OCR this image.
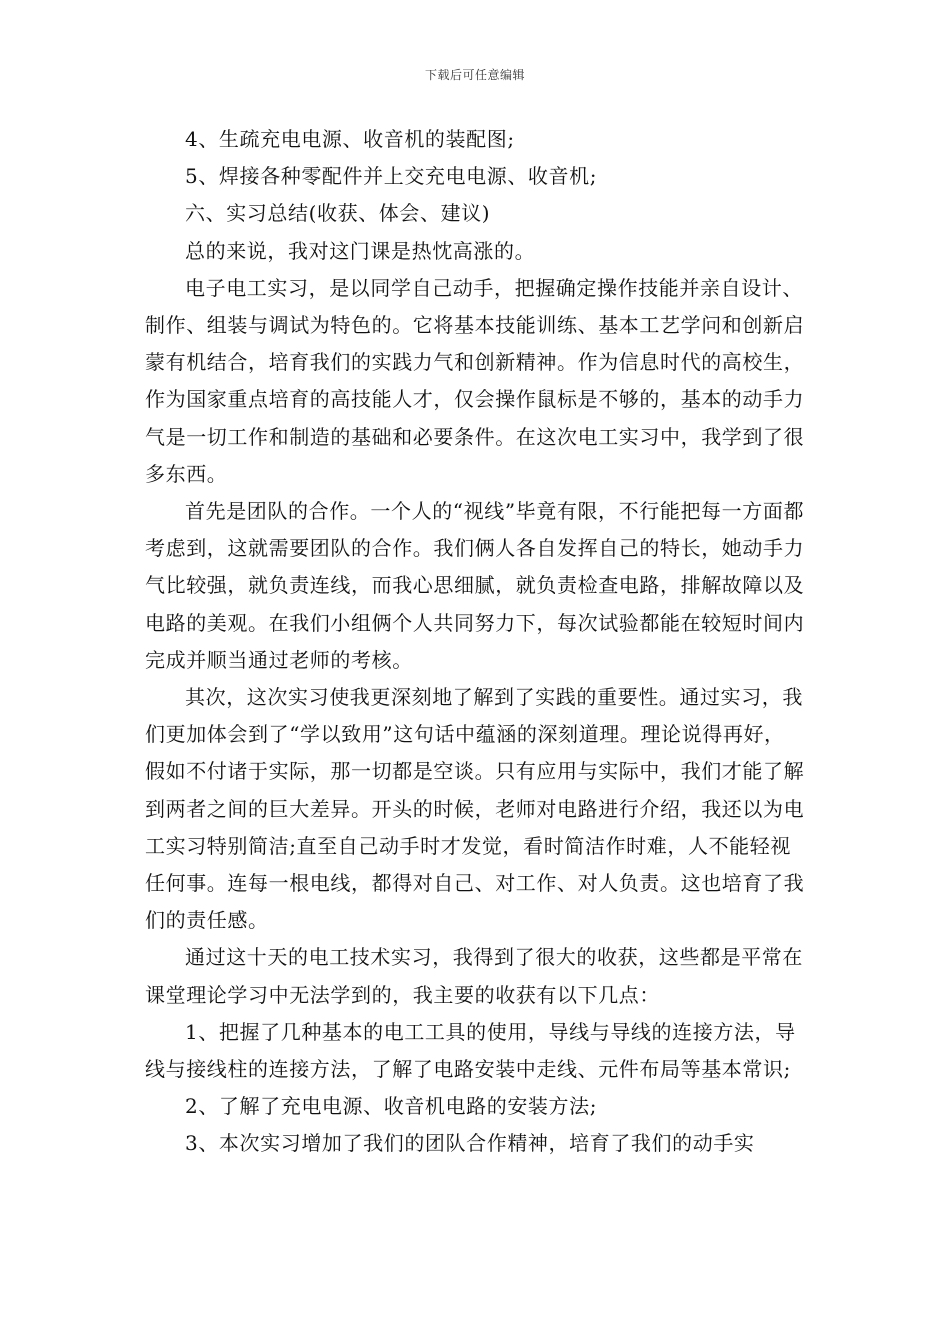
下载后可任意编辑

4、生疏充电电源、收音机的装配图;

5、焊接各种零配件并上交充电电源、收音机;

六、实习总结(收获、体会、建议)

总的来说，我对这门课是热忱高涨的。

电子电工实习，是以同学自己动手，把握确定操作技能并亲自设计、制作、组装与调试为特色的。它将基本技能训练、基本工艺学问和创新启蒙有机结合，培育我们的实践力气和创新精神。作为信息时代的高校生，作为国家重点培育的高技能人才，仅会操作鼠标是不够的，基本的动手力气是一切工作和制造的基础和必要条件。在这次电工实习中，我学到了很多东西。

首先是团队的合作。一个人的“视线”毕竟有限，不行能把每一方面都考虑到，这就需要团队的合作。我们俩人各自发挥自己的特长，她动手力气比较强，就负责连线，而我心思细腻，就负责检查电路，排解故障以及电路的美观。在我们小组俩个人共同努力下，每次试验都能在较短时间内完成并顺当通过老师的考核。

其次，这次实习使我更深刻地了解到了实践的重要性。通过实习，我们更加体会到了“学以致用”这句话中蕴涵的深刻道理。理论说得再好，假如不付诸于实际，那一切都是空谈。只有应用与实际中，我们才能了解到两者之间的巨大差异。开头的时候，老师对电路进行介绍，我还以为电工实习特别简洁;直至自己动手时才发觉，看时简洁作时难，人不能轻视任何事。连每一根电线，都得对自己、对工作、对人负责。这也培育了我们的责任感。

通过这十天的电工技术实习，我得到了很大的收获，这些都是平常在课堂理论学习中无法学到的，我主要的收获有以下几点：

1、把握了几种基本的电工工具的使用，导线与导线的连接方法，导线与接线柱的连接方法，了解了电路安装中走线、元件布局等基本常识;

2、了解了充电电源、收音机电路的安装方法;

3、本次实习增加了我们的团队合作精神，培育了我们的动手实
